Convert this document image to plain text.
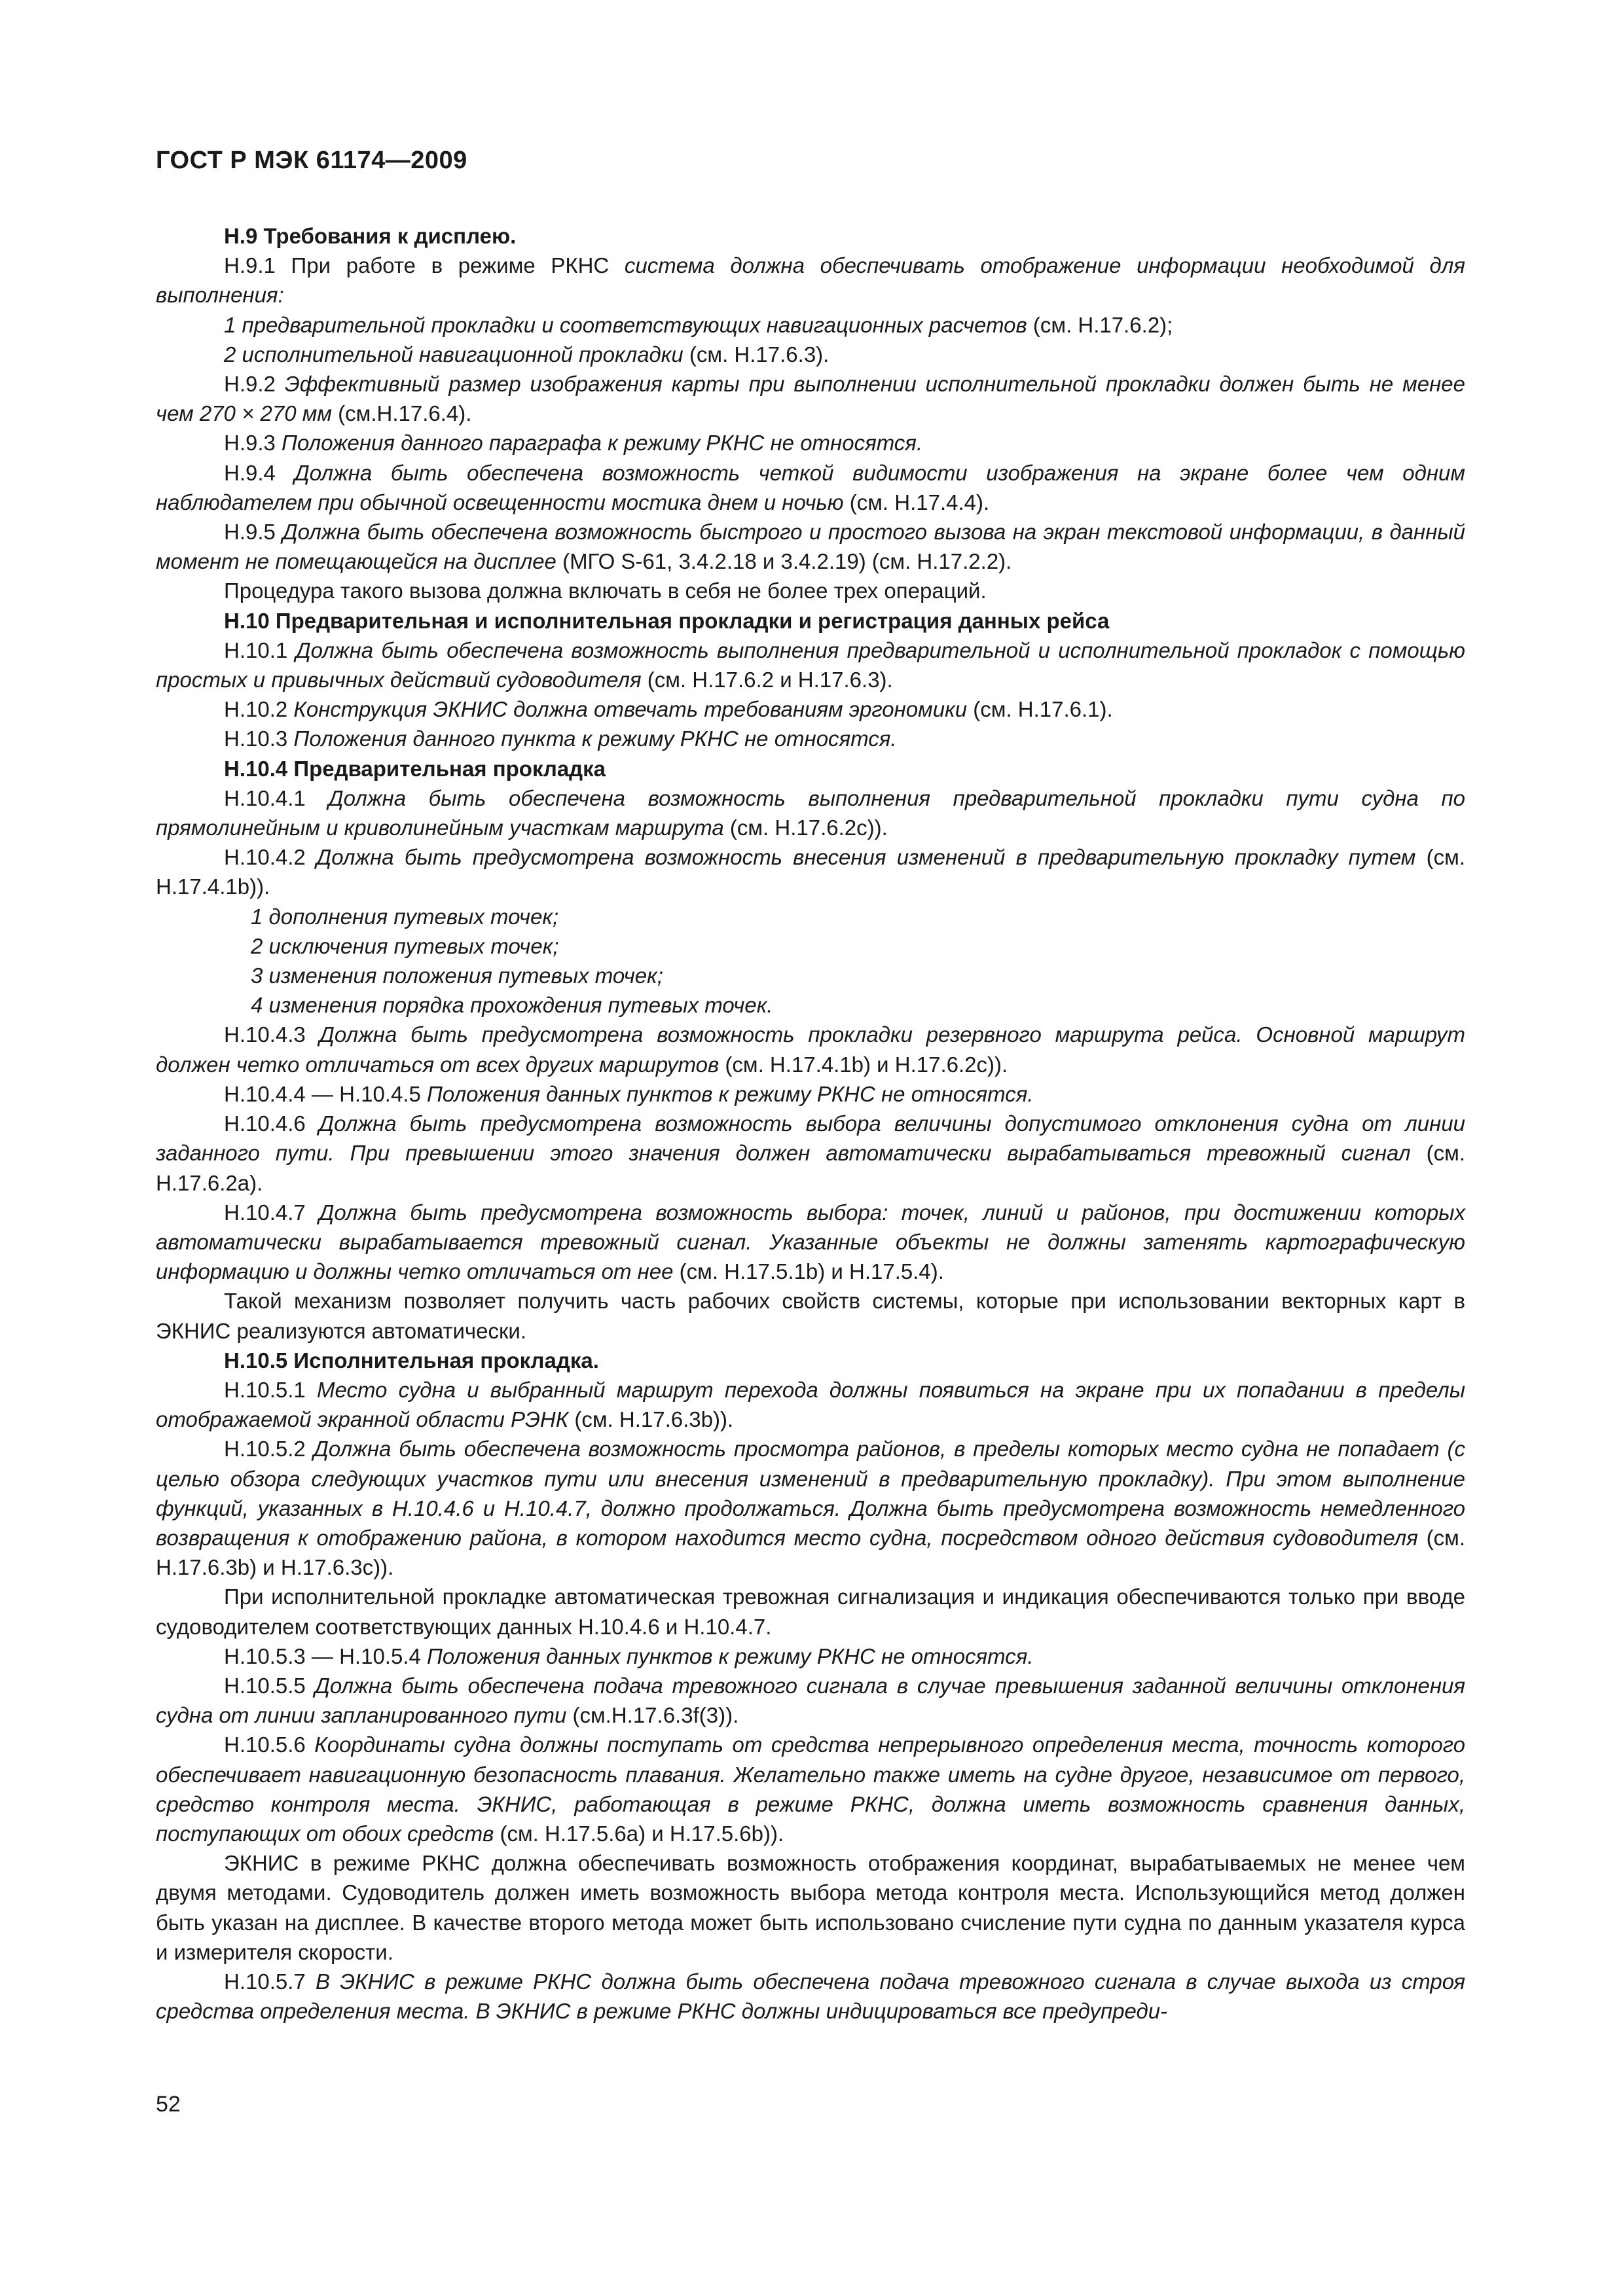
ГОСТ Р МЭК 61174—2009

Н.9 Требования к дисплею.

Н.9.1 При работе в режиме РКНС система должна обеспечивать отображение информации необходимой для выполнения:

1 предварительной прокладки и соответствующих навигационных расчетов (см. Н.17.6.2);

2 исполнительной навигационной прокладки (см. Н.17.6.3).

Н.9.2 Эффективный размер изображения карты при выполнении исполнительной прокладки должен быть не менее чем 270 × 270 мм (см.Н.17.6.4).

Н.9.3 Положения данного параграфа к режиму РКНС не относятся.

Н.9.4 Должна быть обеспечена возможность четкой видимости изображения на экране более чем одним наблюдателем при обычной освещенности мостика днем и ночью (см. Н.17.4.4).

Н.9.5 Должна быть обеспечена возможность быстрого и простого вызова на экран текстовой информации, в данный момент не помещающейся на дисплее (МГО S-61, 3.4.2.18 и 3.4.2.19) (см. Н.17.2.2).

Процедура такого вызова должна включать в себя не более трех операций.

Н.10 Предварительная и исполнительная прокладки и регистрация данных рейса

Н.10.1 Должна быть обеспечена возможность выполнения предварительной и исполнительной прокладок с помощью простых и привычных действий судоводителя (см. Н.17.6.2 и Н.17.6.3).

Н.10.2 Конструкция ЭКНИС должна отвечать требованиям эргономики (см. Н.17.6.1).

Н.10.3 Положения данного пункта к режиму РКНС не относятся.

Н.10.4 Предварительная прокладка

Н.10.4.1 Должна быть обеспечена возможность выполнения предварительной прокладки пути судна по прямолинейным и криволинейным участкам маршрута (см. Н.17.6.2с)).

Н.10.4.2 Должна быть предусмотрена возможность внесения изменений в предварительную прокладку путем (см. Н.17.4.1b)).

1 дополнения путевых точек;

2 исключения путевых точек;

3 изменения положения путевых точек;

4 изменения порядка прохождения путевых точек.

Н.10.4.3 Должна быть предусмотрена возможность прокладки резервного маршрута рейса. Основной маршрут должен четко отличаться от всех других маршрутов (см. Н.17.4.1b) и Н.17.6.2с)).

Н.10.4.4 — Н.10.4.5 Положения данных пунктов к режиму РКНС не относятся.

Н.10.4.6 Должна быть предусмотрена возможность выбора величины допустимого отклонения судна от линии заданного пути. При превышении этого значения должен автоматически вырабатываться тревожный сигнал (см. Н.17.6.2а).

Н.10.4.7 Должна быть предусмотрена возможность выбора: точек, линий и районов, при достижении которых автоматически вырабатывается тревожный сигнал. Указанные объекты не должны затенять картографическую информацию и должны четко отличаться от нее (см. Н.17.5.1b) и Н.17.5.4).

Такой механизм позволяет получить часть рабочих свойств системы, которые при использовании векторных карт в ЭКНИС реализуются автоматически.

Н.10.5 Исполнительная прокладка.

Н.10.5.1 Место судна и выбранный маршрут перехода должны появиться на экране при их попадании в пределы отображаемой экранной области РЭНК (см. Н.17.6.3b)).

Н.10.5.2 Должна быть обеспечена возможность просмотра районов, в пределы которых место судна не попадает (с целью обзора следующих участков пути или внесения изменений в предварительную прокладку). При этом выполнение функций, указанных в Н.10.4.6 и Н.10.4.7, должно продолжаться. Должна быть предусмотрена возможность немедленного возвращения к отображению района, в котором находится место судна, посредством одного действия судоводителя (см. Н.17.6.3b) и Н.17.6.3с)).

При исполнительной прокладке автоматическая тревожная сигнализация и индикация обеспечиваются только при вводе судоводителем соответствующих данных Н.10.4.6 и Н.10.4.7.

Н.10.5.3 — Н.10.5.4 Положения данных пунктов к режиму РКНС не относятся.

Н.10.5.5 Должна быть обеспечена подача тревожного сигнала в случае превышения заданной величины отклонения судна от линии запланированного пути (см.Н.17.6.3f(3)).

Н.10.5.6 Координаты судна должны поступать от средства непрерывного определения места, точность которого обеспечивает навигационную безопасность плавания. Желательно также иметь на судне другое, независимое от первого, средство контроля места. ЭКНИС, работающая в режиме РКНС, должна иметь возможность сравнения данных, поступающих от обоих средств (см. Н.17.5.6а) и Н.17.5.6b)).

ЭКНИС в режиме РКНС должна обеспечивать возможность отображения координат, вырабатываемых не менее чем двумя методами. Судоводитель должен иметь возможность выбора метода контроля места. Использующийся метод должен быть указан на дисплее. В качестве второго метода может быть использовано счисление пути судна по данным указателя курса и измерителя скорости.

Н.10.5.7 В ЭКНИС в режиме РКНС должна быть обеспечена подача тревожного сигнала в случае выхода из строя средства определения места. В ЭКНИС в режиме РКНС должны индицироваться все предупреди-

52
